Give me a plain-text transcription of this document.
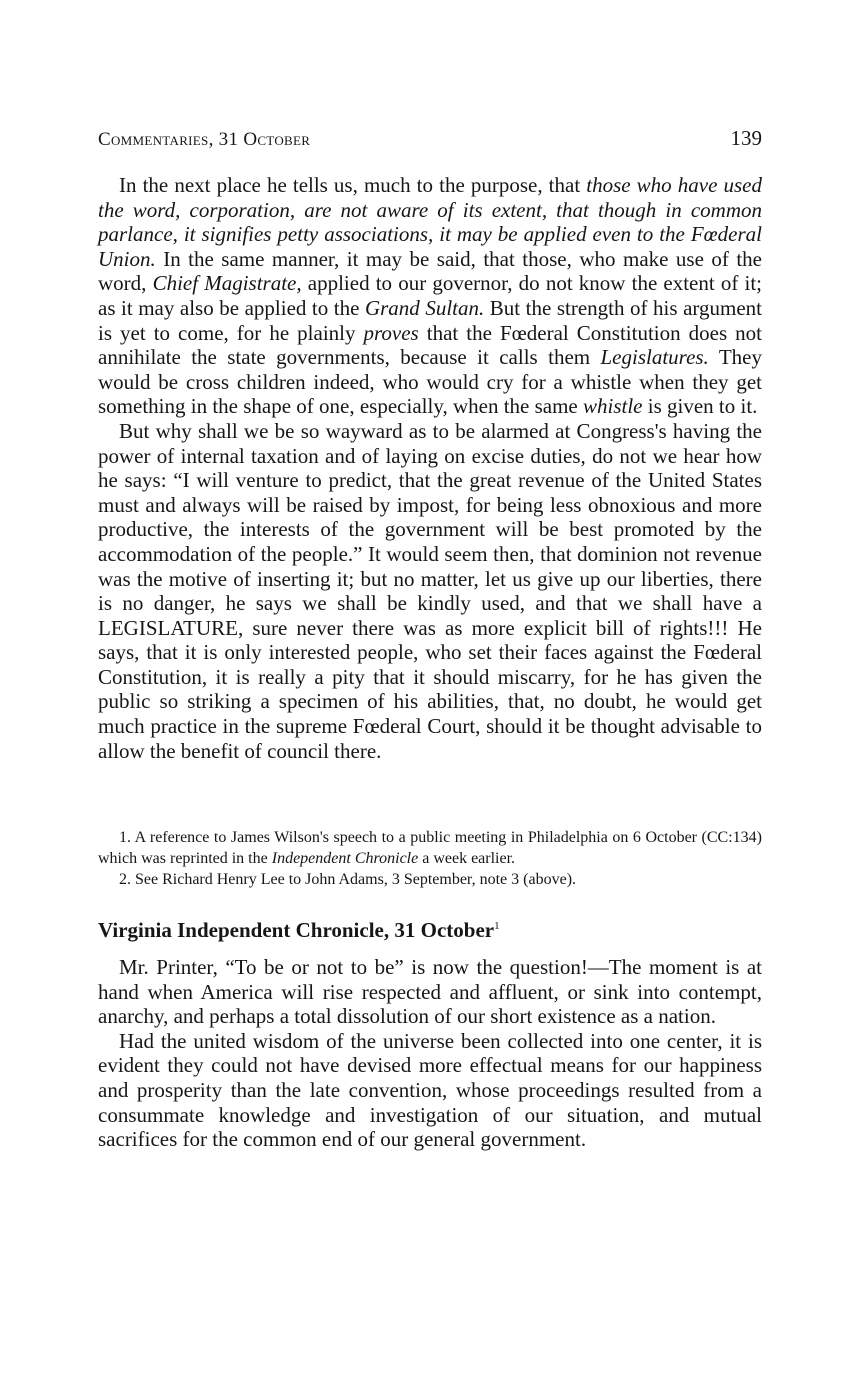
Commentaries, 31 October	139

In the next place he tells us, much to the purpose, that those who have used the word, corporation, are not aware of its extent, that though in common parlance, it signifies petty associations, it may be applied even to the Fœderal Union. In the same manner, it may be said, that those, who make use of the word, Chief Magistrate, applied to our governor, do not know the extent of it; as it may also be applied to the Grand Sultan. But the strength of his argument is yet to come, for he plainly proves that the Fœderal Constitution does not annihilate the state governments, because it calls them Legislatures. They would be cross children indeed, who would cry for a whistle when they get something in the shape of one, especially, when the same whistle is given to it.

But why shall we be so wayward as to be alarmed at Congress's having the power of internal taxation and of laying on excise duties, do not we hear how he says: “I will venture to predict, that the great revenue of the United States must and always will be raised by impost, for being less obnoxious and more productive, the interests of the government will be best promoted by the accommodation of the people.” It would seem then, that dominion not revenue was the motive of inserting it; but no matter, let us give up our liberties, there is no danger, he says we shall be kindly used, and that we shall have a LEGISLATURE, sure never there was as more explicit bill of rights!!! He says, that it is only interested people, who set their faces against the Fœderal Constitution, it is really a pity that it should miscarry, for he has given the public so striking a specimen of his abilities, that, no doubt, he would get much practice in the supreme Fœderal Court, should it be thought advisable to allow the benefit of council there.

1. A reference to James Wilson's speech to a public meeting in Philadelphia on 6 October (CC:134) which was reprinted in the Independent Chronicle a week earlier.

2. See Richard Henry Lee to John Adams, 3 September, note 3 (above).

Virginia Independent Chronicle, 31 October$^1$

Mr. Printer, “To be or not to be” is now the question!—The moment is at hand when America will rise respected and affluent, or sink into contempt, anarchy, and perhaps a total dissolution of our short existence as a nation.

Had the united wisdom of the universe been collected into one center, it is evident they could not have devised more effectual means for our happiness and prosperity than the late convention, whose proceedings resulted from a consummate knowledge and investigation of our situation, and mutual sacrifices for the common end of our general government.
